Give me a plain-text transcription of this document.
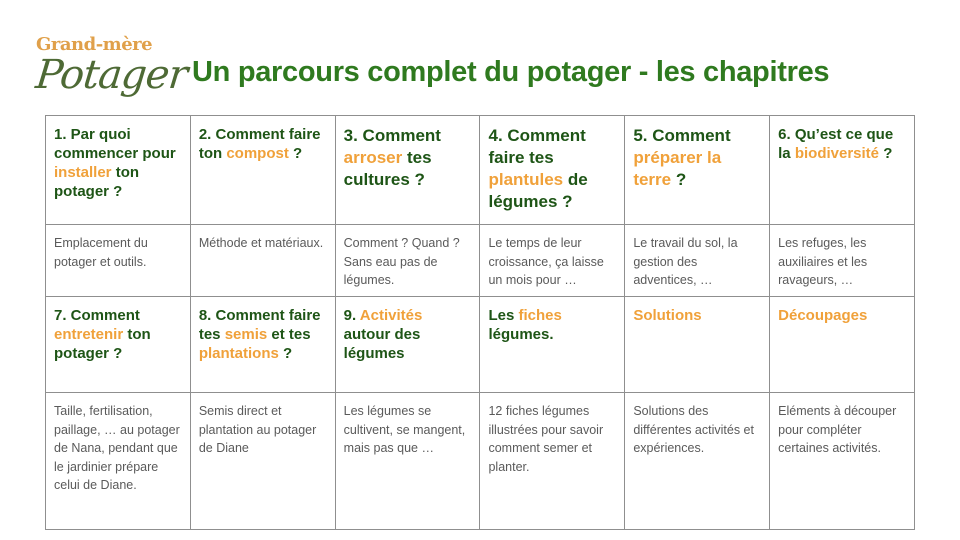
Grand-mère
Potager Un parcours complet du potager - les chapitres
1. Par quoi commencer pour installer ton potager ?	2. Comment faire ton compost ?	3. Comment arroser tes cultures ?	4. Comment faire tes plantules de légumes ?	5. Comment préparer la terre ?	6. Qu’est ce que la biodiversité ?

Emplacement du potager et outils.	Méthode et matériaux.	Comment ? Quand ? Sans eau pas de légumes.	Le temps de leur croissance, ça laisse un mois pour …	Le travail du sol, la gestion des adventices, …	Les refuges, les auxiliaires et les ravageurs, …

7. Comment entretenir ton potager ?	8. Comment faire tes semis et tes plantations ?	9. Activités autour des légumes	Les fiches légumes.	Solutions	Découpages

Taille, fertilisation, paillage, … au potager de Nana, pendant que le jardinier prépare celui de Diane.	Semis direct et plantation au potager de Diane	Les légumes se cultivent, se mangent, mais pas que …	12 fiches légumes illustrées pour savoir comment semer et planter.	Solutions des différentes activités et expériences.	Eléments à découper pour compléter certaines activités.
